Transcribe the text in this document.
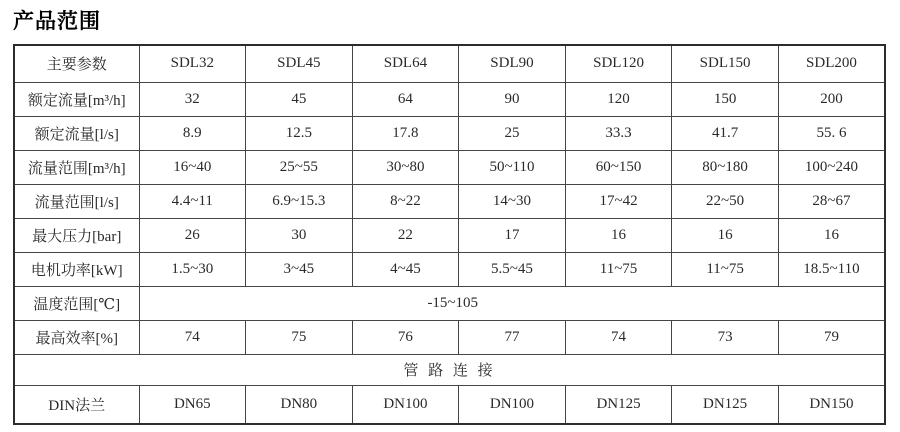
产品范围
主要参数	SDL32	SDL45	SDL64	SDL90	SDL120	SDL150	SDL200
额定流量[m³/h]	32	45	64	90	120	150	200
额定流量[l/s]	8.9	12.5	17.8	25	33.3	41.7	55. 6
流量范围[m³/h]	16~40	25~55	30~80	50~110	60~150	80~180	100~240
流量范围[l/s]	4.4~11	6.9~15.3	8~22	14~30	17~42	22~50	28~67
最大压力[bar]	26	30	22	17	16	16	16
电机功率[kW]	1.5~30	3~45	4~45	5.5~45	11~75	11~75	18.5~110
温度范围[℃]	-15~105						
最高效率[%]	74	75	76	77	74	73	79
管 路 连 接							
DIN法兰	DN65	DN80	DN100	DN100	DN125	DN125	DN150
